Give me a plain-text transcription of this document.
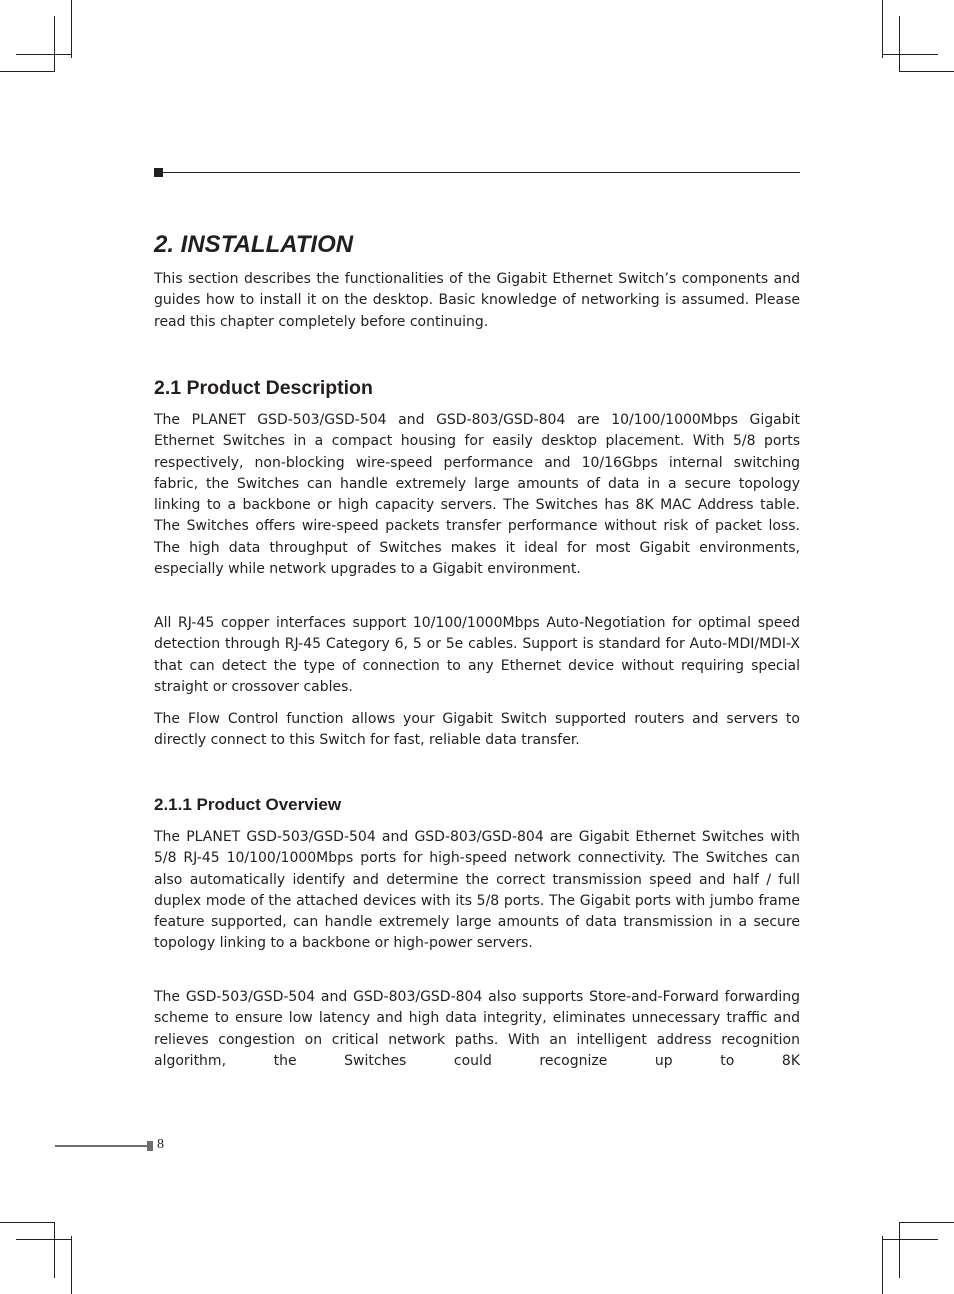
2. INSTALLATION

This section describes the functionalities of the Gigabit Ethernet Switch’s components and guides how to install it on the desktop. Basic knowledge of networking is assumed. Please read this chapter completely before continuing.

2.1 Product Description

The PLANET GSD-503/GSD-504 and GSD-803/GSD-804 are 10/100/1000Mbps Gigabit Ethernet Switches in a compact housing for easily desktop placement. With 5/8 ports respectively, non-blocking wire-speed performance and 10/16Gbps internal switching fabric, the Switches can handle extremely large amounts of data in a secure topology linking to a backbone or high capacity servers. The Switches has 8K MAC Address table. The Switches offers wire-speed packets transfer performance without risk of packet loss. The high data throughput of Switches makes it ideal for most Gigabit environments, especially while network upgrades to a Gigabit environment.

All RJ-45 copper interfaces support 10/100/1000Mbps Auto-Negotiation for optimal speed detection through RJ-45 Category 6, 5 or 5e cables. Support is standard for Auto-MDI/MDI-X that can detect the type of connection to any Ethernet device without requiring special straight or crossover cables.

The Flow Control function allows your Gigabit Switch supported routers and servers to directly connect to this Switch for fast, reliable data transfer.

2.1.1 Product Overview

The PLANET GSD-503/GSD-504 and GSD-803/GSD-804 are Gigabit Ethernet Switches with 5/8 RJ-45 10/100/1000Mbps ports for high-speed network connectivity. The Switches can also automatically identify and determine the correct transmission speed and half / full duplex mode of the attached devices with its 5/8 ports. The Gigabit ports with jumbo frame feature supported, can handle extremely large amounts of data transmission in a secure topology linking to a backbone or high-power servers.

The GSD-503/GSD-504 and GSD-803/GSD-804 also supports Store-and-Forward forwarding scheme to ensure low latency and high data integrity, eliminates unnecessary traffic and relieves congestion on critical network paths. With an intelligent address recognition algorithm, the Switches could recognize up to 8K

8
